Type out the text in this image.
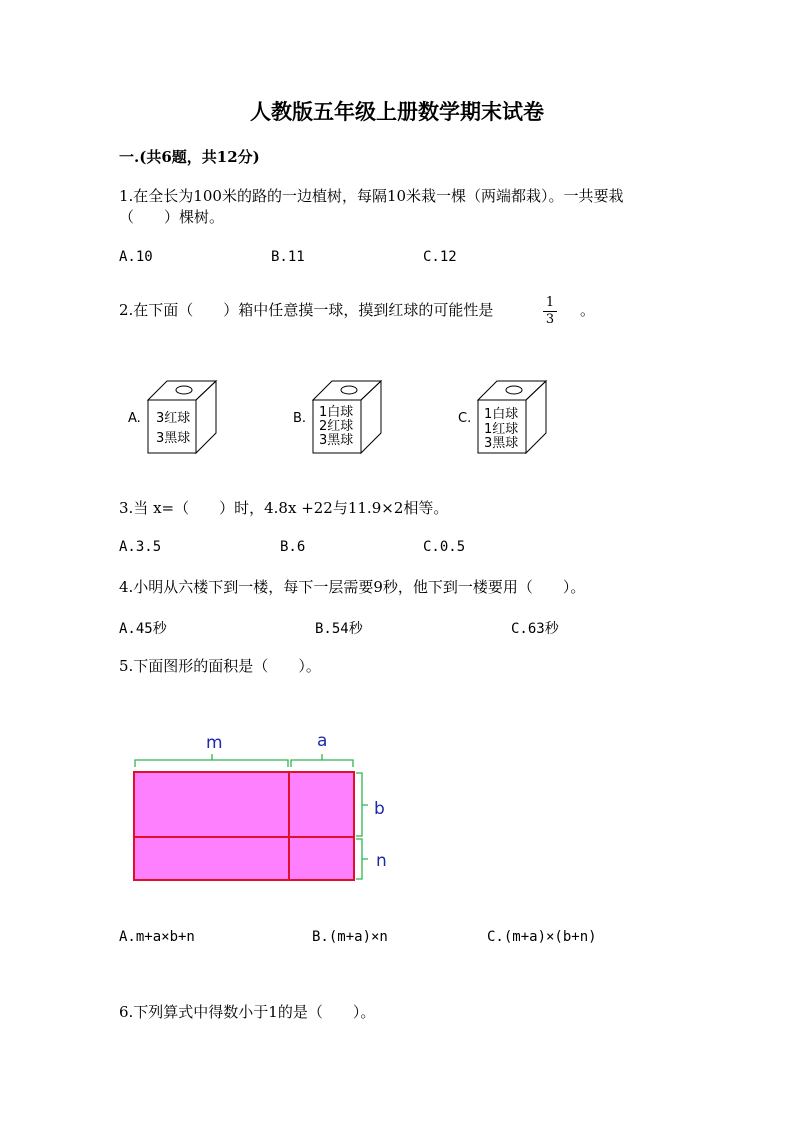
人教版五年级上册数学期末试卷
一.(共6题，共12分)
1.在全长为100米的路的一边植树，每隔10米栽一棵（两端都栽）。一共要栽
（　　）棵树。
A.10	B.11	C.12
2.在下面（　　）箱中任意摸一球，摸到红球的可能性是	1
3
。
A. 3红球
3黑球
B. 1白球
2红球
3黑球
C. 1白球
1红球
3黑球
3.当 x=（　　）时，4.8x +22与11.9×2相等。
A.3.5	B.6	C.0.5
4.小明从六楼下到一楼，每下一层需要9秒，他下到一楼要用（　　）。
A.45秒	B.54秒	C.63秒
5.下面图形的面积是（　　）。
m	a
b
n
A.m+a×b+n	B.(m+a)×n	C.(m+a)×(b+n)
6.下列算式中得数小于1的是（　　）。
